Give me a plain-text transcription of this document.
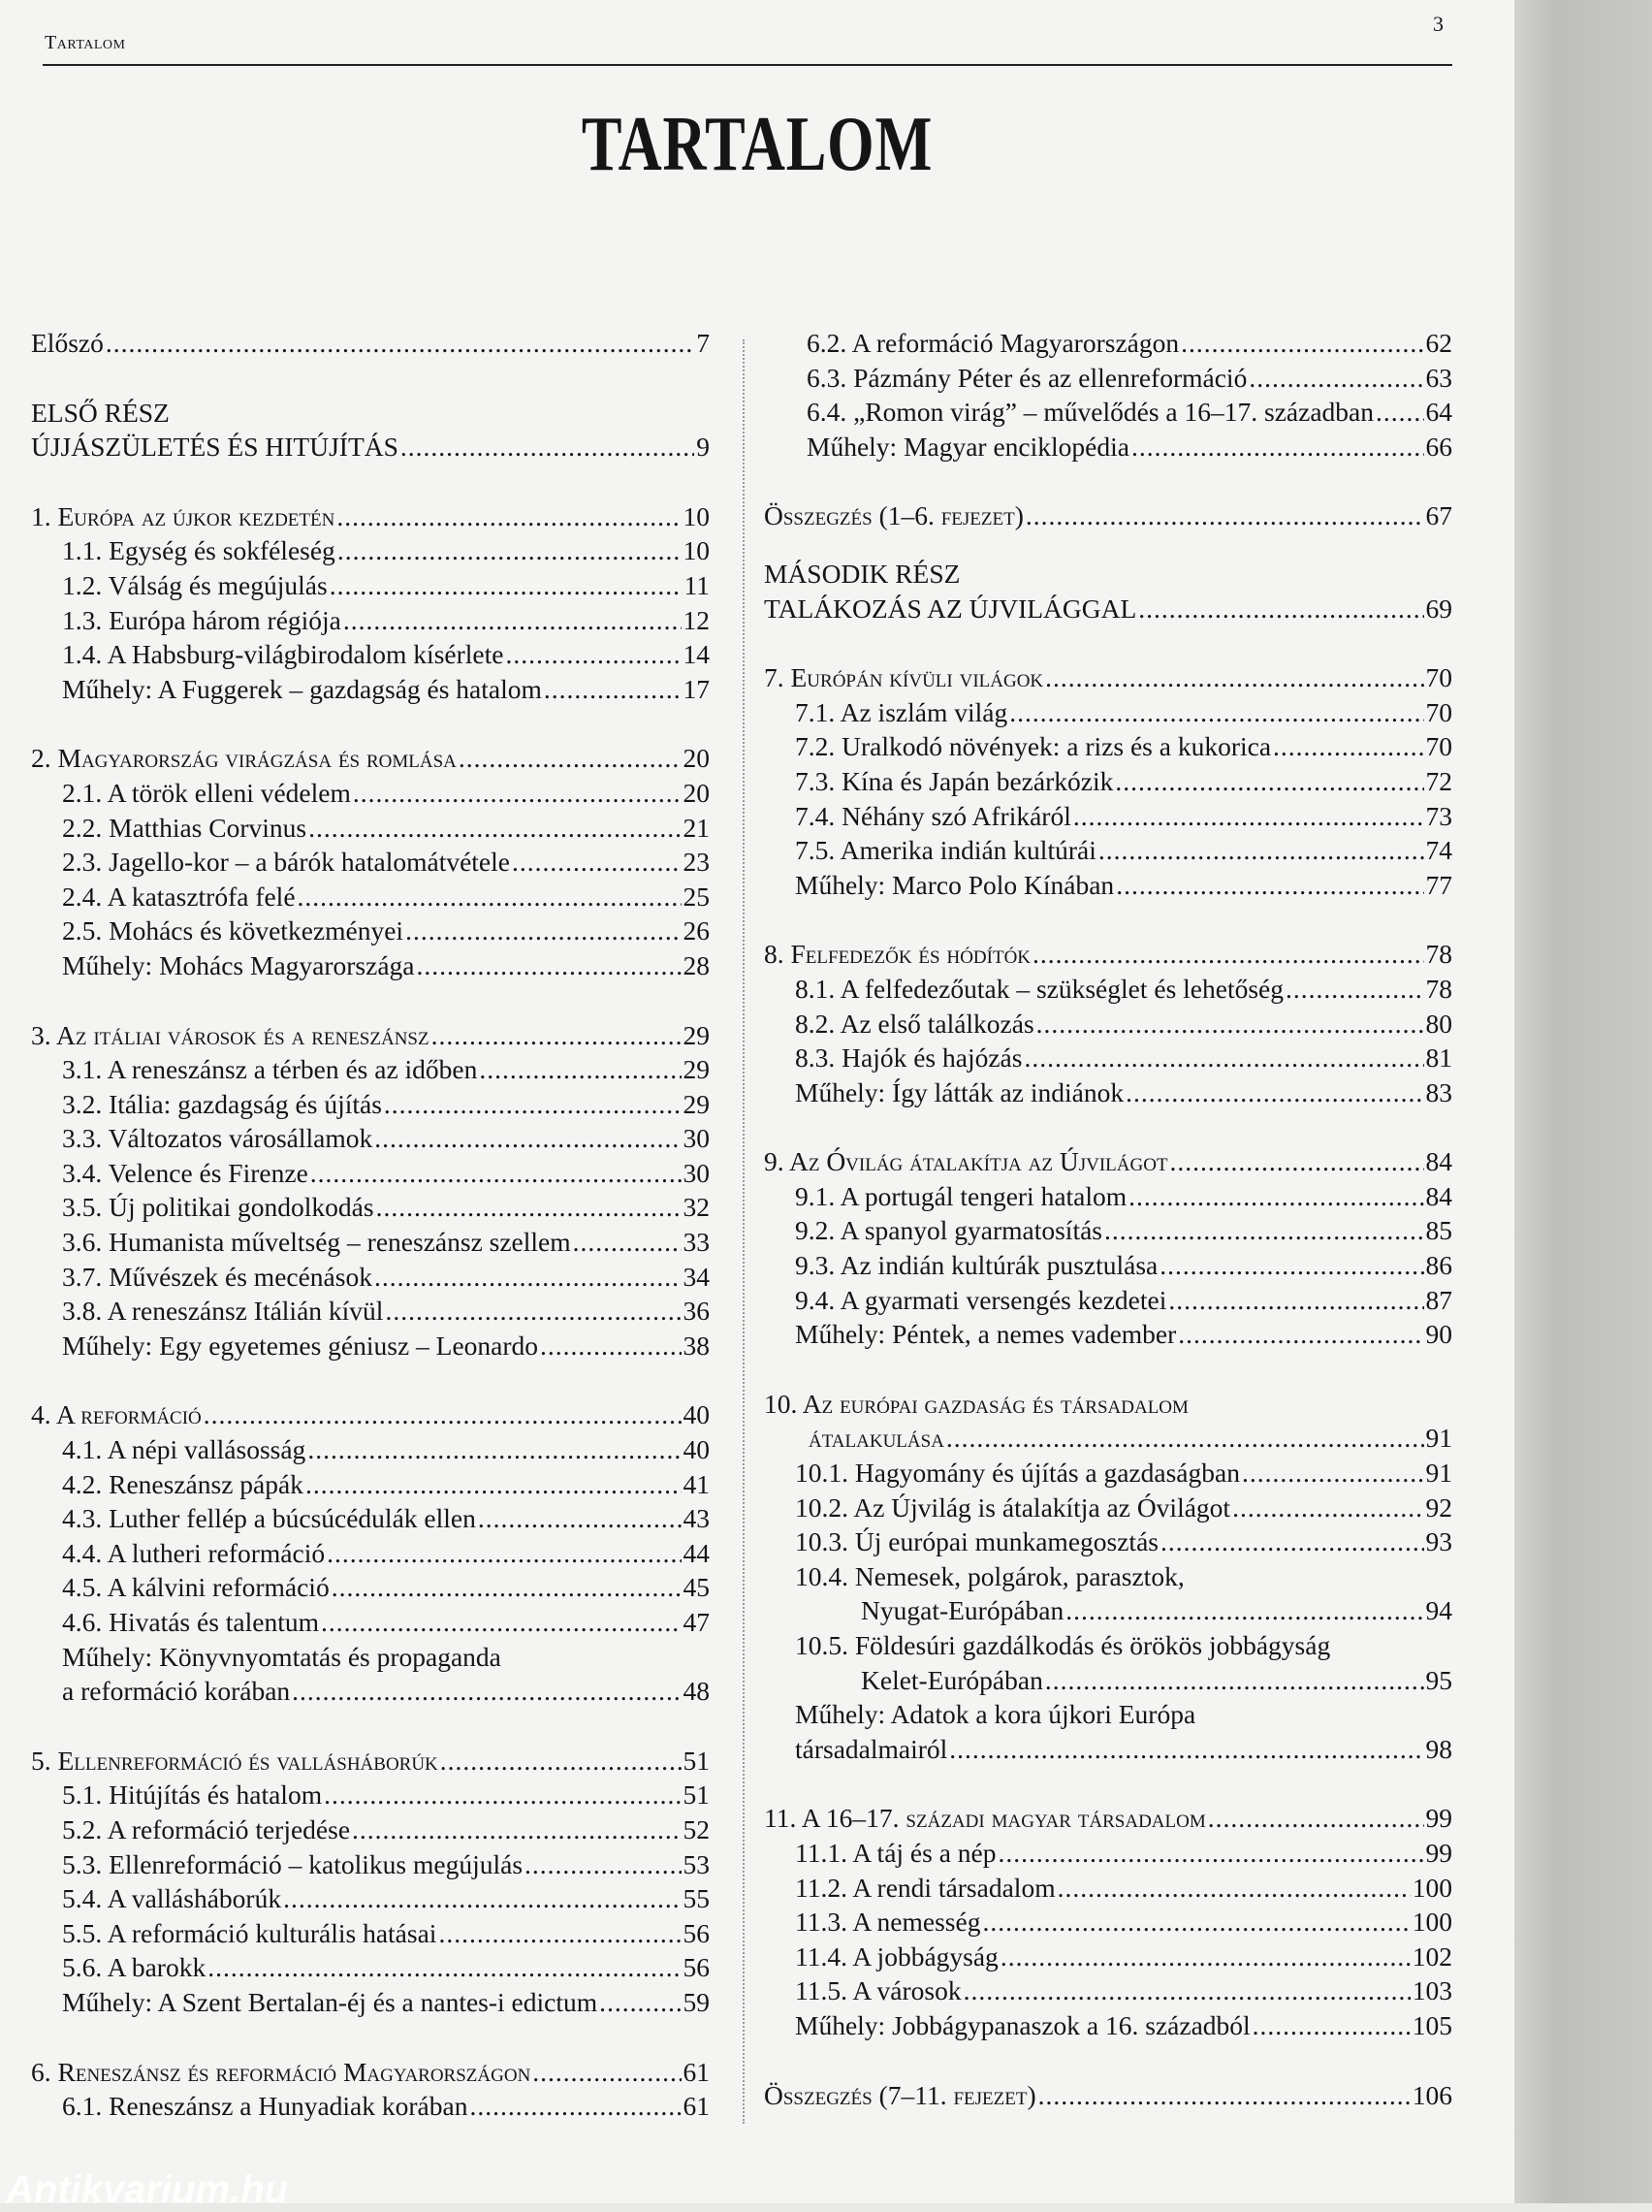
Tartalom
3
TARTALOM
Előszó .....	7
ELSŐ RÉSZ
ÚJJÁSZÜLETÉS ÉS HITÚJÍTÁS .....	9
1. Európa az újkor kezdetén .....	10
1.1. Egység és sokféleség .....	10
1.2. Válság és megújulás .....	11
1.3. Európa három régiója .....	12
1.4. A Habsburg-világbirodalom kísérlete .....	14
Műhely: A Fuggerek – gazdagság és hatalom .....	17
2. Magyarország virágzása és romlása .....	20
2.1. A török elleni védelem .....	20
2.2. Matthias Corvinus .....	21
2.3. Jagello-kor – a bárók hatalomátvétele .....	23
2.4. A katasztrófa felé .....	25
2.5. Mohács és következményei .....	26
Műhely: Mohács Magyarországa .....	28
3. Az itáliai városok és a reneszánsz .....	29
3.1. A reneszánsz a térben és az időben .....	29
3.2. Itália: gazdagság és újítás .....	29
3.3. Változatos városállamok .....	30
3.4. Velence és Firenze .....	30
3.5. Új politikai gondolkodás .....	32
3.6. Humanista műveltség – reneszánsz szellem .....	33
3.7. Művészek és mecénások .....	34
3.8. A reneszánsz Itálián kívül .....	36
Műhely: Egy egyetemes géniusz – Leonardo .....	38
4. A reformáció .....	40
4.1. A népi vallásosság .....	40
4.2. Reneszánsz pápák .....	41
4.3. Luther fellép a búcsúcédulák ellen .....	43
4.4. A lutheri reformáció .....	44
4.5. A kálvini reformáció .....	45
4.6. Hivatás és talentum .....	47
Műhely: Könyvnyomtatás és propaganda
a reformáció korában .....	48
5. Ellenreformáció és vallásháborúk .....	51
5.1. Hitújítás és hatalom .....	51
5.2. A reformáció terjedése .....	52
5.3. Ellenreformáció – katolikus megújulás .....	53
5.4. A vallásháborúk .....	55
5.5. A reformáció kulturális hatásai .....	56
5.6. A barokk .....	56
Műhely: A Szent Bertalan-éj és a nantes-i edictum .....	59
6. Reneszánsz és reformáció Magyarországon .....	61
6.1. Reneszánsz a Hunyadiak korában .....	61
6.2. A reformáció Magyarországon .....	62
6.3. Pázmány Péter és az ellenreformáció .....	63
6.4. „Romon virág” – művelődés a 16–17. században ..... 64
Műhely: Magyar enciklopédia .....	66
Összegzés (1–6. fejezet) .....	67
MÁSODIK RÉSZ
TALÁKOZÁS AZ ÚJVILÁGGAL .....	69
7. Európán kívüli világok .....	70
7.1. Az iszlám világ .....	70
7.2. Uralkodó növények: a rizs és a kukorica .....	70
7.3. Kína és Japán bezárkózik .....	72
7.4. Néhány szó Afrikáról .....	73
7.5. Amerika indián kultúrái .....	74
Műhely: Marco Polo Kínában .....	77
8. Felfedezők és hódítók .....	78
8.1. A felfedezőutak – szükséglet és lehetőség .....	78
8.2. Az első találkozás .....	80
8.3. Hajók és hajózás .....	81
Műhely: Így látták az indiánok .....	83
9. Az Óvilág átalakítja az Újvilágot .....	84
9.1. A portugál tengeri hatalom .....	84
9.2. A spanyol gyarmatosítás .....	85
9.3. Az indián kultúrák pusztulása .....	86
9.4. A gyarmati versengés kezdetei .....	87
Műhely: Péntek, a nemes vadember .....	90
10. Az európai gazdaság és társadalom
átalakulása .....	91
10.1. Hagyomány és újítás a gazdaságban .....	91
10.2. Az Újvilág is átalakítja az Óvilágot .....	92
10.3. Új európai munkamegosztás .....	93
10.4. Nemesek, polgárok, parasztok,
Nyugat-Európában .....	94
10.5. Földesúri gazdálkodás és örökös jobbágyság
Kelet-Európában .....	95
Műhely: Adatok a kora újkori Európa
társadalmairól .....	98
11. A 16–17. századi magyar társadalom .....	99
11.1. A táj és a nép .....	99
11.2. A rendi társadalom .....	100
11.3. A nemesség .....	100
11.4. A jobbágyság .....	102
11.5. A városok .....	103
Műhely: Jobbágypanaszok a 16. századból .....	105
Összegzés (7–11. fejezet) .....	106
Antikvarium.hu
